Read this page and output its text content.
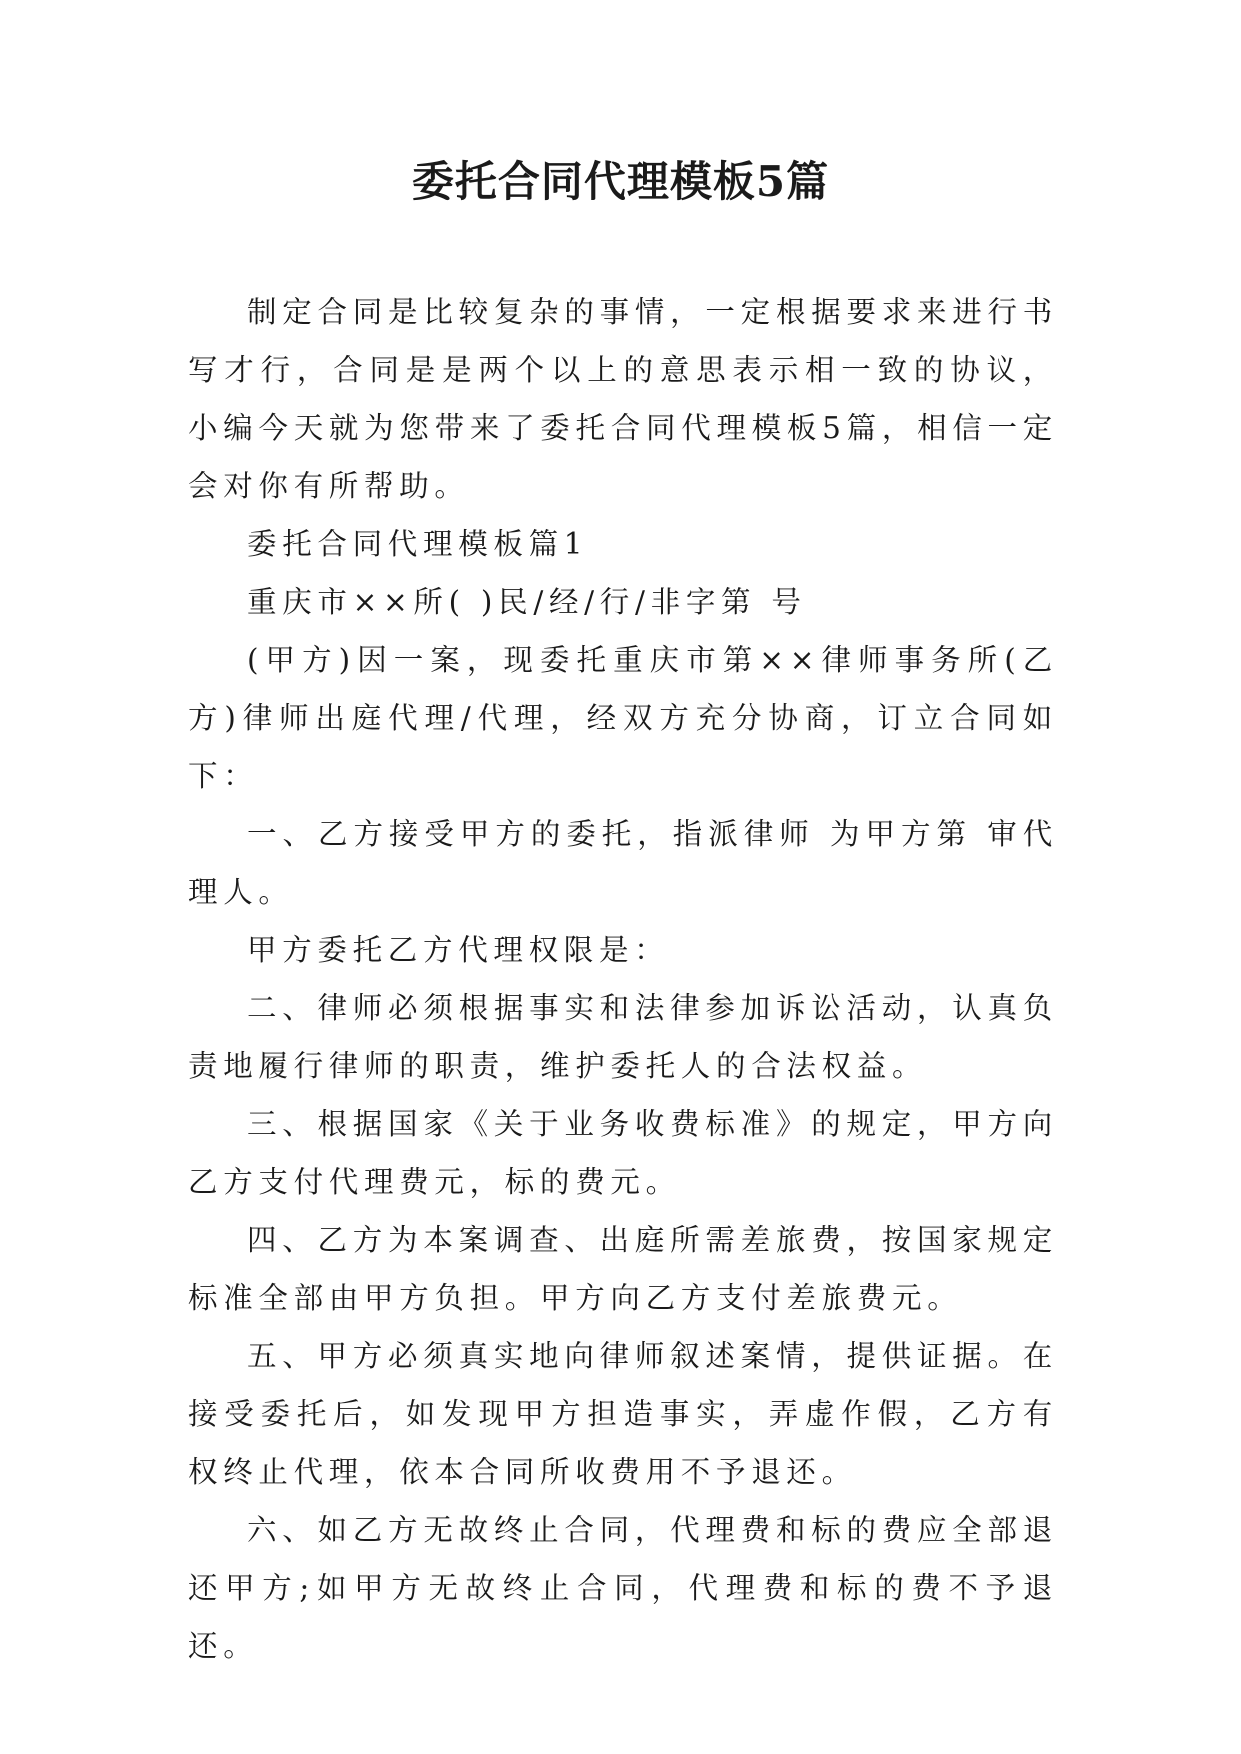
委托合同代理模板5篇

制定合同是比较复杂的事情，一定根据要求来进行书写才行，合同是是两个以上的意思表示相一致的协议，小编今天就为您带来了委托合同代理模板5篇，相信一定会对你有所帮助。

委托合同代理模板篇1

重庆市××所( )民/经/行/非字第 号

(甲方)因一案，现委托重庆市第××律师事务所(乙方)律师出庭代理/代理，经双方充分协商，订立合同如下：

一、乙方接受甲方的委托，指派律师 为甲方第 审代理人。

甲方委托乙方代理权限是：

二、律师必须根据事实和法律参加诉讼活动，认真负责地履行律师的职责，维护委托人的合法权益。

三、根据国家《关于业务收费标准》的规定，甲方向乙方支付代理费元，标的费元。

四、乙方为本案调查、出庭所需差旅费，按国家规定标准全部由甲方负担。甲方向乙方支付差旅费元。

五、甲方必须真实地向律师叙述案情，提供证据。在接受委托后，如发现甲方担造事实，弄虚作假，乙方有权终止代理，依本合同所收费用不予退还。

六、如乙方无故终止合同，代理费和标的费应全部退还甲方;如甲方无故终止合同，代理费和标的费不予退还。
